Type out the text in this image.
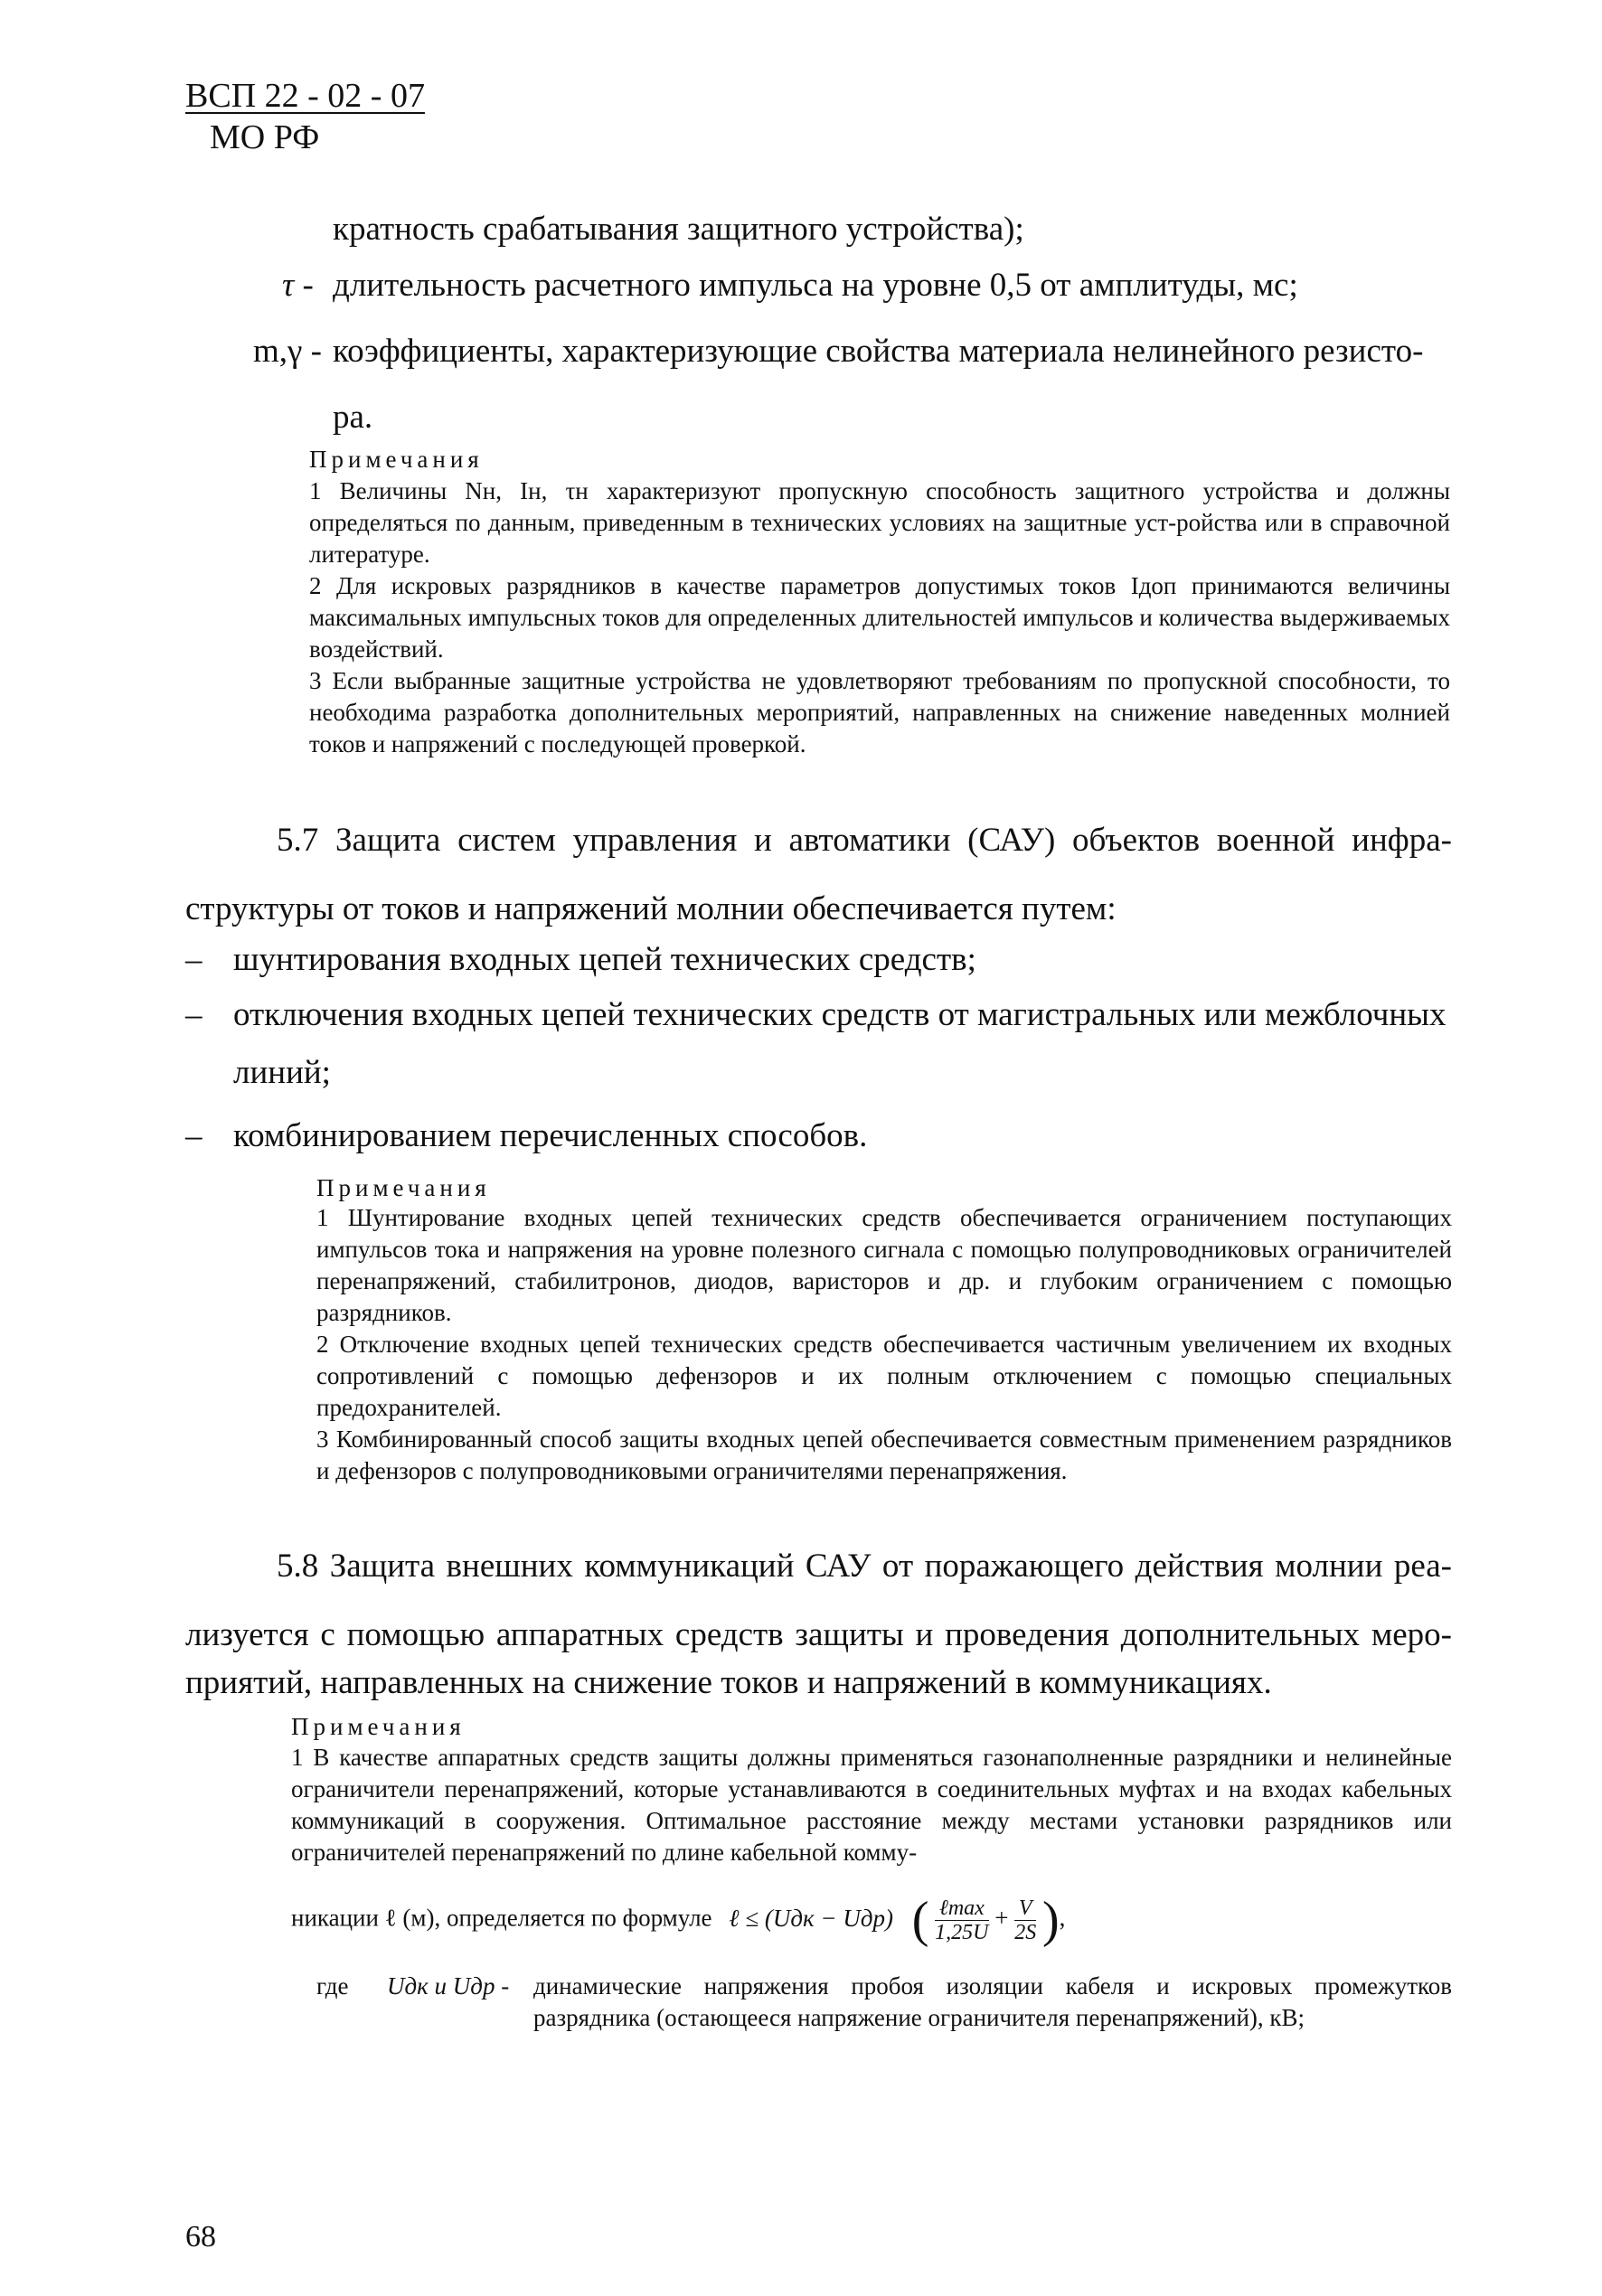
ВСП 22 - 02 - 07
МО РФ
кратность срабатывания защитного устройства);
τ - длительность расчетного импульса на уровне 0,5 от амплитуды, мс;
m,γ - коэффициенты, характеризующие свойства материала нелинейного резисто-
ра.
Примечания

1 Величины Nн, Iн, τн характеризуют пропускную способность защитного устройства и должны определяться по данным, приведенным в технических условиях на защитные уст-ройства или в справочной литературе.

2 Для искровых разрядников в качестве параметров допустимых токов Iдоп принимаются величины максимальных импульсных токов для определенных длительностей импульсов и количества выдерживаемых воздействий.

3 Если выбранные защитные устройства не удовлетворяют требованиям по пропускной способности, то необходима разработка дополнительных мероприятий, направленных на снижение наведенных молнией токов и напряжений с последующей проверкой.

5.7 Защита систем управления и автоматики (САУ) объектов военной инфра-
структуры от токов и напряжений молнии обеспечивается путем:
– шунтирования входных цепей технических средств;
– отключения входных цепей технических средств от магистральных или межблочных
линий;
– комбинированием перечисленных способов.
Примечания

1 Шунтирование входных цепей технических средств обеспечивается ограничением поступающих импульсов тока и напряжения на уровне полезного сигнала с помощью полупроводниковых ограничителей перенапряжений, стабилитронов, диодов, варисторов и др. и глубоким ограничением с помощью разрядников.

2 Отключение входных цепей технических средств обеспечивается частичным увеличением их входных сопротивлений с помощью дефензоров и их полным отключением с помощью специальных предохранителей.

3 Комбинированный способ защиты входных цепей обеспечивается совместным применением разрядников и дефензоров с полупроводниковыми ограничителями перенапряжения.

5.8 Защита внешних коммуникаций САУ от поражающего действия молнии реа-
лизуется с помощью аппаратных средств защиты и проведения дополнительных меро-
приятий, направленных на снижение токов и напряжений в коммуникациях.
Примечания

1 В качестве аппаратных средств защиты должны применяться газонаполненные разрядники и нелинейные ограничители перенапряжений, которые устанавливаются в соединительных муфтах и на входах кабельных коммуникаций в сооружения. Оптимальное расстояние между местами установки разрядников или ограничителей перенапряжений по длине кабельной комму-

никации ℓ (м), определяется по формуле ℓ ≤ (Uдк − Uдр) ( $\frac{\text{ℓmax}}{1,25U} + \frac{V}{2S}$ ),
где Uдк и Uдр - динамические напряжения пробоя изоляции кабеля и искровых промежутков разрядника (остающееся напряжение ограничителя перенапряжений), кВ;
68
